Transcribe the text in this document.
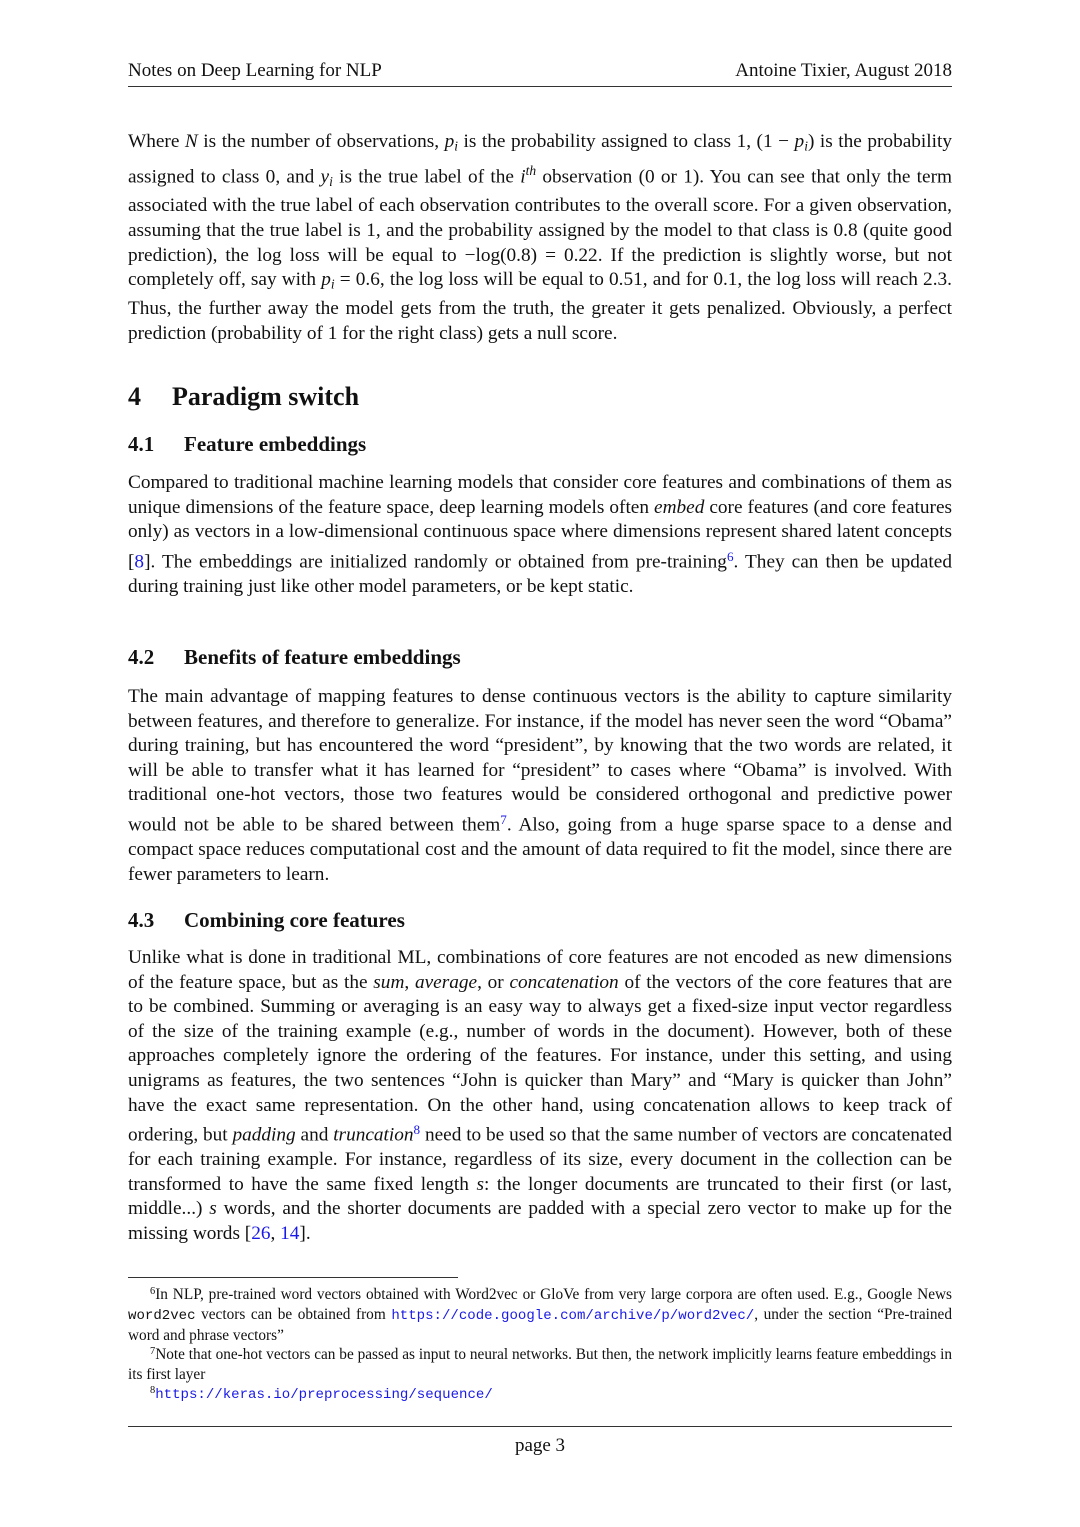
Notes on Deep Learning for NLP	Antoine Tixier, August 2018
Where N is the number of observations, pi is the probability assigned to class 1, (1 − pi) is the probability assigned to class 0, and yi is the true label of the $i^{th}$ observation (0 or 1). You can see that only the term associated with the true label of each observation contributes to the overall score. For a given observation, assuming that the true label is 1, and the probability assigned by the model to that class is 0.8 (quite good prediction), the log loss will be equal to −log(0.8) = 0.22. If the prediction is slightly worse, but not completely off, say with pi = 0.6, the log loss will be equal to 0.51, and for 0.1, the log loss will reach 2.3. Thus, the further away the model gets from the truth, the greater it gets penalized. Obviously, a perfect prediction (probability of 1 for the right class) gets a null score.
4 Paradigm switch
4.1 Feature embeddings
Compared to traditional machine learning models that consider core features and combinations of them as unique dimensions of the feature space, deep learning models often embed core features (and core features only) as vectors in a low-dimensional continuous space where dimensions represent shared latent concepts [8]. The embeddings are initialized randomly or obtained from pre-training$^6$. They can then be updated during training just like other model parameters, or be kept static.
4.2 Benefits of feature embeddings
The main advantage of mapping features to dense continuous vectors is the ability to capture similarity between features, and therefore to generalize. For instance, if the model has never seen the word “Obama” during training, but has encountered the word “president”, by knowing that the two words are related, it will be able to transfer what it has learned for “president” to cases where “Obama” is involved. With traditional one-hot vectors, those two features would be considered orthogonal and predictive power would not be able to be shared between them$^7$. Also, going from a huge sparse space to a dense and compact space reduces computational cost and the amount of data required to fit the model, since there are fewer parameters to learn.
4.3 Combining core features
Unlike what is done in traditional ML, combinations of core features are not encoded as new dimensions of the feature space, but as the sum, average, or concatenation of the vectors of the core features that are to be combined. Summing or averaging is an easy way to always get a fixed-size input vector regardless of the size of the training example (e.g., number of words in the document). However, both of these approaches completely ignore the ordering of the features. For instance, under this setting, and using unigrams as features, the two sentences “John is quicker than Mary” and “Mary is quicker than John” have the exact same representation. On the other hand, using concatenation allows to keep track of ordering, but padding and truncation$^8$ need to be used so that the same number of vectors are concatenated for each training example. For instance, regardless of its size, every document in the collection can be transformed to have the same fixed length s: the longer documents are truncated to their first (or last, middle...) s words, and the shorter documents are padded with a special zero vector to make up for the missing words [26, 14].
$^6$In NLP, pre-trained word vectors obtained with Word2vec or GloVe from very large corpora are often used. E.g., Google News word2vec vectors can be obtained from https://code.google.com/archive/p/word2vec/, under the section “Pre-trained word and phrase vectors”
$^7$Note that one-hot vectors can be passed as input to neural networks. But then, the network implicitly learns feature embeddings in its first layer
$^8$https://keras.io/preprocessing/sequence/
page 3
